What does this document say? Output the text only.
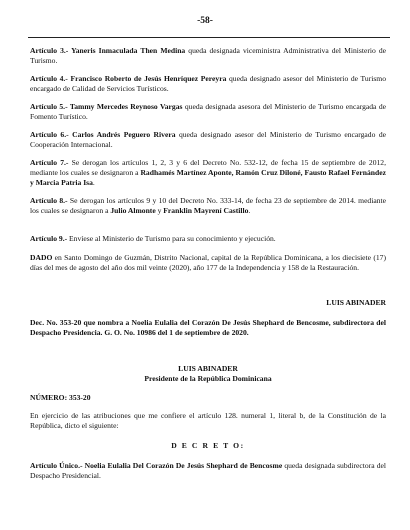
-58-

Artículo 3.- Yaneris Inmaculada Then Medina queda designada viceministra Administrativa del Ministerio de Turismo.

Artículo 4.- Francisco Roberto de Jesús Henríquez Pereyra queda designado asesor del Ministerio de Turismo encargado de Calidad de Servicios Turísticos.

Artículo 5.- Tammy Mercedes Reynoso Vargas queda designada asesora del Ministerio de Turismo encargada de Fomento Turístico.

Artículo 6.- Carlos Andrés Peguero Rivera queda designado asesor del Ministerio de Turismo encargado de Cooperación Internacional.

Artículo 7.- Se derogan los artículos 1, 2, 3 y 6 del Decreto No. 532-12, de fecha 15 de septiembre de 2012, mediante los cuales se designaron a Radhamés Martínez Aponte, Ramón Cruz Diloné, Fausto Rafael Fernández y Marcia Patria Isa.

Artículo 8.- Se derogan los artículos 9 y 10 del Decreto No. 333-14, de fecha 23 de septiembre de 2014. mediante los cuales se designaron a Julio Almonte y Franklin Mayrení Castillo.

Artículo 9.- Envíese al Ministerio de Turismo para su conocimiento y ejecución.

DADO en Santo Domingo de Guzmán, Distrito Nacional, capital de la República Dominicana, a los diecisiete (17) días del mes de agosto del año dos mil veinte (2020), año 177 de la Independencia y 158 de la Restauración.

LUIS ABINADER

Dec. No. 353-20 que nombra a Noelia Eulalia del Corazón De Jesús Shephard de Bencosme, subdirectora del Despacho Presidencia. G. O. No. 10986 del 1 de septiembre de 2020.

LUIS ABINADER

Presidente de la República Dominicana

NÚMERO: 353-20

En ejercicio de las atribuciones que me confiere el artículo 128. numeral 1, literal b, de la Constitución de la República, dicto el siguiente:

D E C R E T O:

Artículo Único.- Noelia Eulalia Del Corazón De Jesús Shephard de Bencosme queda designada subdirectora del Despacho Presidencial.
